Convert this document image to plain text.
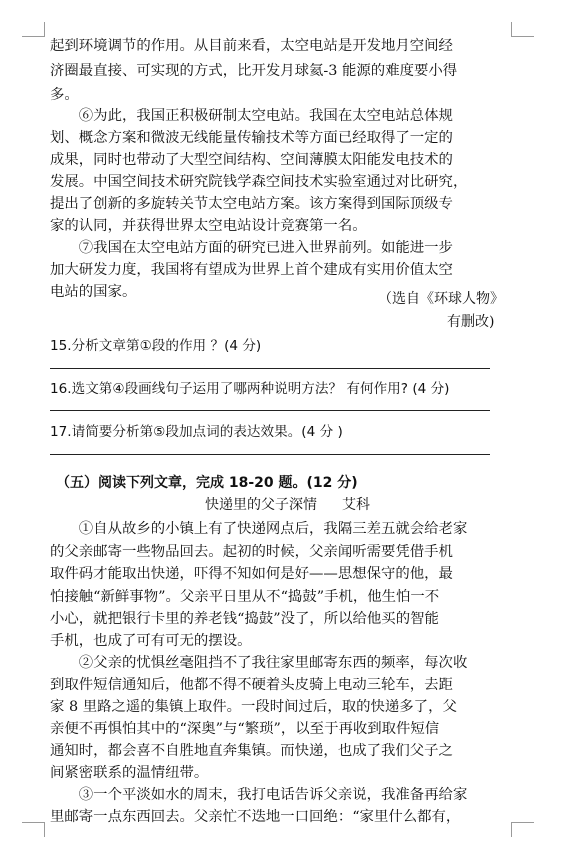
起到环境调节的作用。从目前来看，太空电站是开发地月空间经
济圈最直接、可实现的方式，比开发月球氦-3 能源的难度要小得
多。
　　⑥为此，我国正积极研制太空电站。我国在太空电站总体规
划、概念方案和微波无线能量传输技术等方面已经取得了一定的
成果，同时也带动了大型空间结构、空间薄膜太阳能发电技术的
发展。中国空间技术研究院钱学森空间技术实验室通过对比研究，
提出了创新的多旋转关节太空电站方案。该方案得到国际顶级专
家的认同，并获得世界太空电站设计竞赛第一名。
　　⑦我国在太空电站方面的研究已进入世界前列。如能进一步
加大研发力度，我国将有望成为世界上首个建成有实用价值太空
电站的国家。	（选自《环球人物》
有删改)
15.分析文章第①段的作用 ？(4 分)
16.选文第④段画线句子运用了哪两种说明方法？ 有何作用? (4 分)
17.请简要分析第⑤段加点词的表达效果。(4 分 )
（五）阅读下列文章，完成 18-20 题。(12 分)
快递里的父子深情 艾科
　　①自从故乡的小镇上有了快递网点后，我隔三差五就会给老家
的父亲邮寄一些物品回去。起初的时候，父亲闻听需要凭借手机
取件码才能取出快递，吓得不知如何是好——思想保守的他，最
怕接触“新鲜事物”。父亲平日里从不“捣鼓”手机，他生怕一不
小心，就把银行卡里的养老钱“捣鼓”没了，所以给他买的智能
手机，也成了可有可无的摆设。
　　②父亲的忧惧丝毫阻挡不了我往家里邮寄东西的频率，每次收
到取件短信通知后，他都不得不硬着头皮骑上电动三轮车，去距
家 8 里路之遥的集镇上取件。一段时间过后，取的快递多了，父
亲便不再惧怕其中的“深奥”与“繁琐”，以至于再收到取件短信
通知时，都会喜不自胜地直奔集镇。而快递，也成了我们父子之
间紧密联系的温情纽带。
　　③一个平淡如水的周末，我打电话告诉父亲说，我准备再给家
里邮寄一点东西回去。父亲忙不迭地一口回绝：“家里什么都有，
